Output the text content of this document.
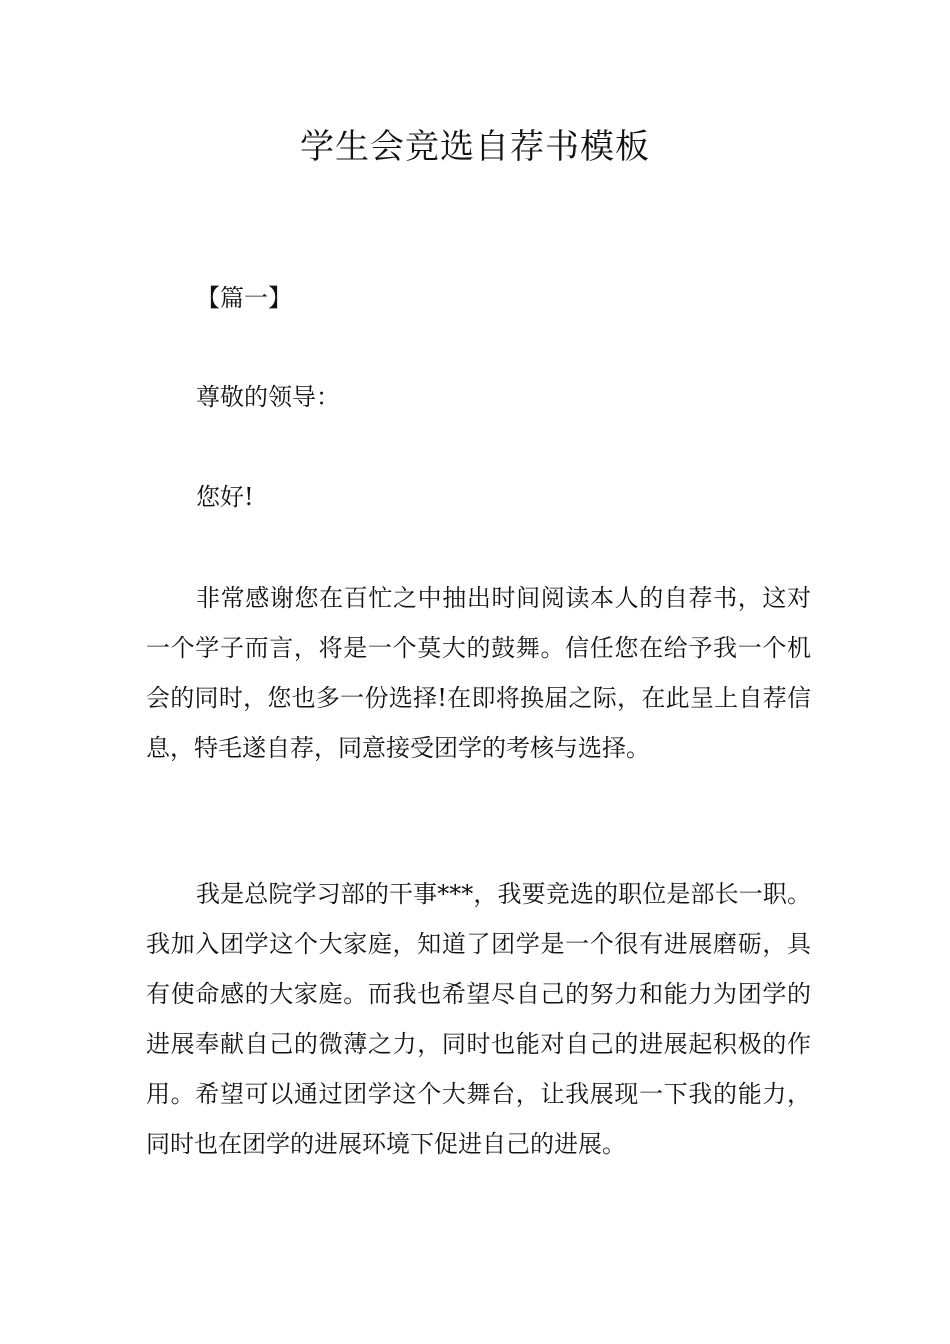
学生会竞选自荐书模板

【篇一】

尊敬的领导：

您好!

非常感谢您在百忙之中抽出时间阅读本人的自荐书，这对一个学子而言，将是一个莫大的鼓舞。信任您在给予我一个机会的同时，您也多一份选择!在即将换届之际，在此呈上自荐信息，特毛遂自荐，同意接受团学的考核与选择。

我是总院学习部的干事***，我要竞选的职位是部长一职。我加入团学这个大家庭，知道了团学是一个很有进展磨砺，具有使命感的大家庭。而我也希望尽自己的努力和能力为团学的进展奉献自己的微薄之力，同时也能对自己的进展起积极的作用。希望可以通过团学这个大舞台，让我展现一下我的能力，同时也在团学的进展环境下促进自己的进展。
